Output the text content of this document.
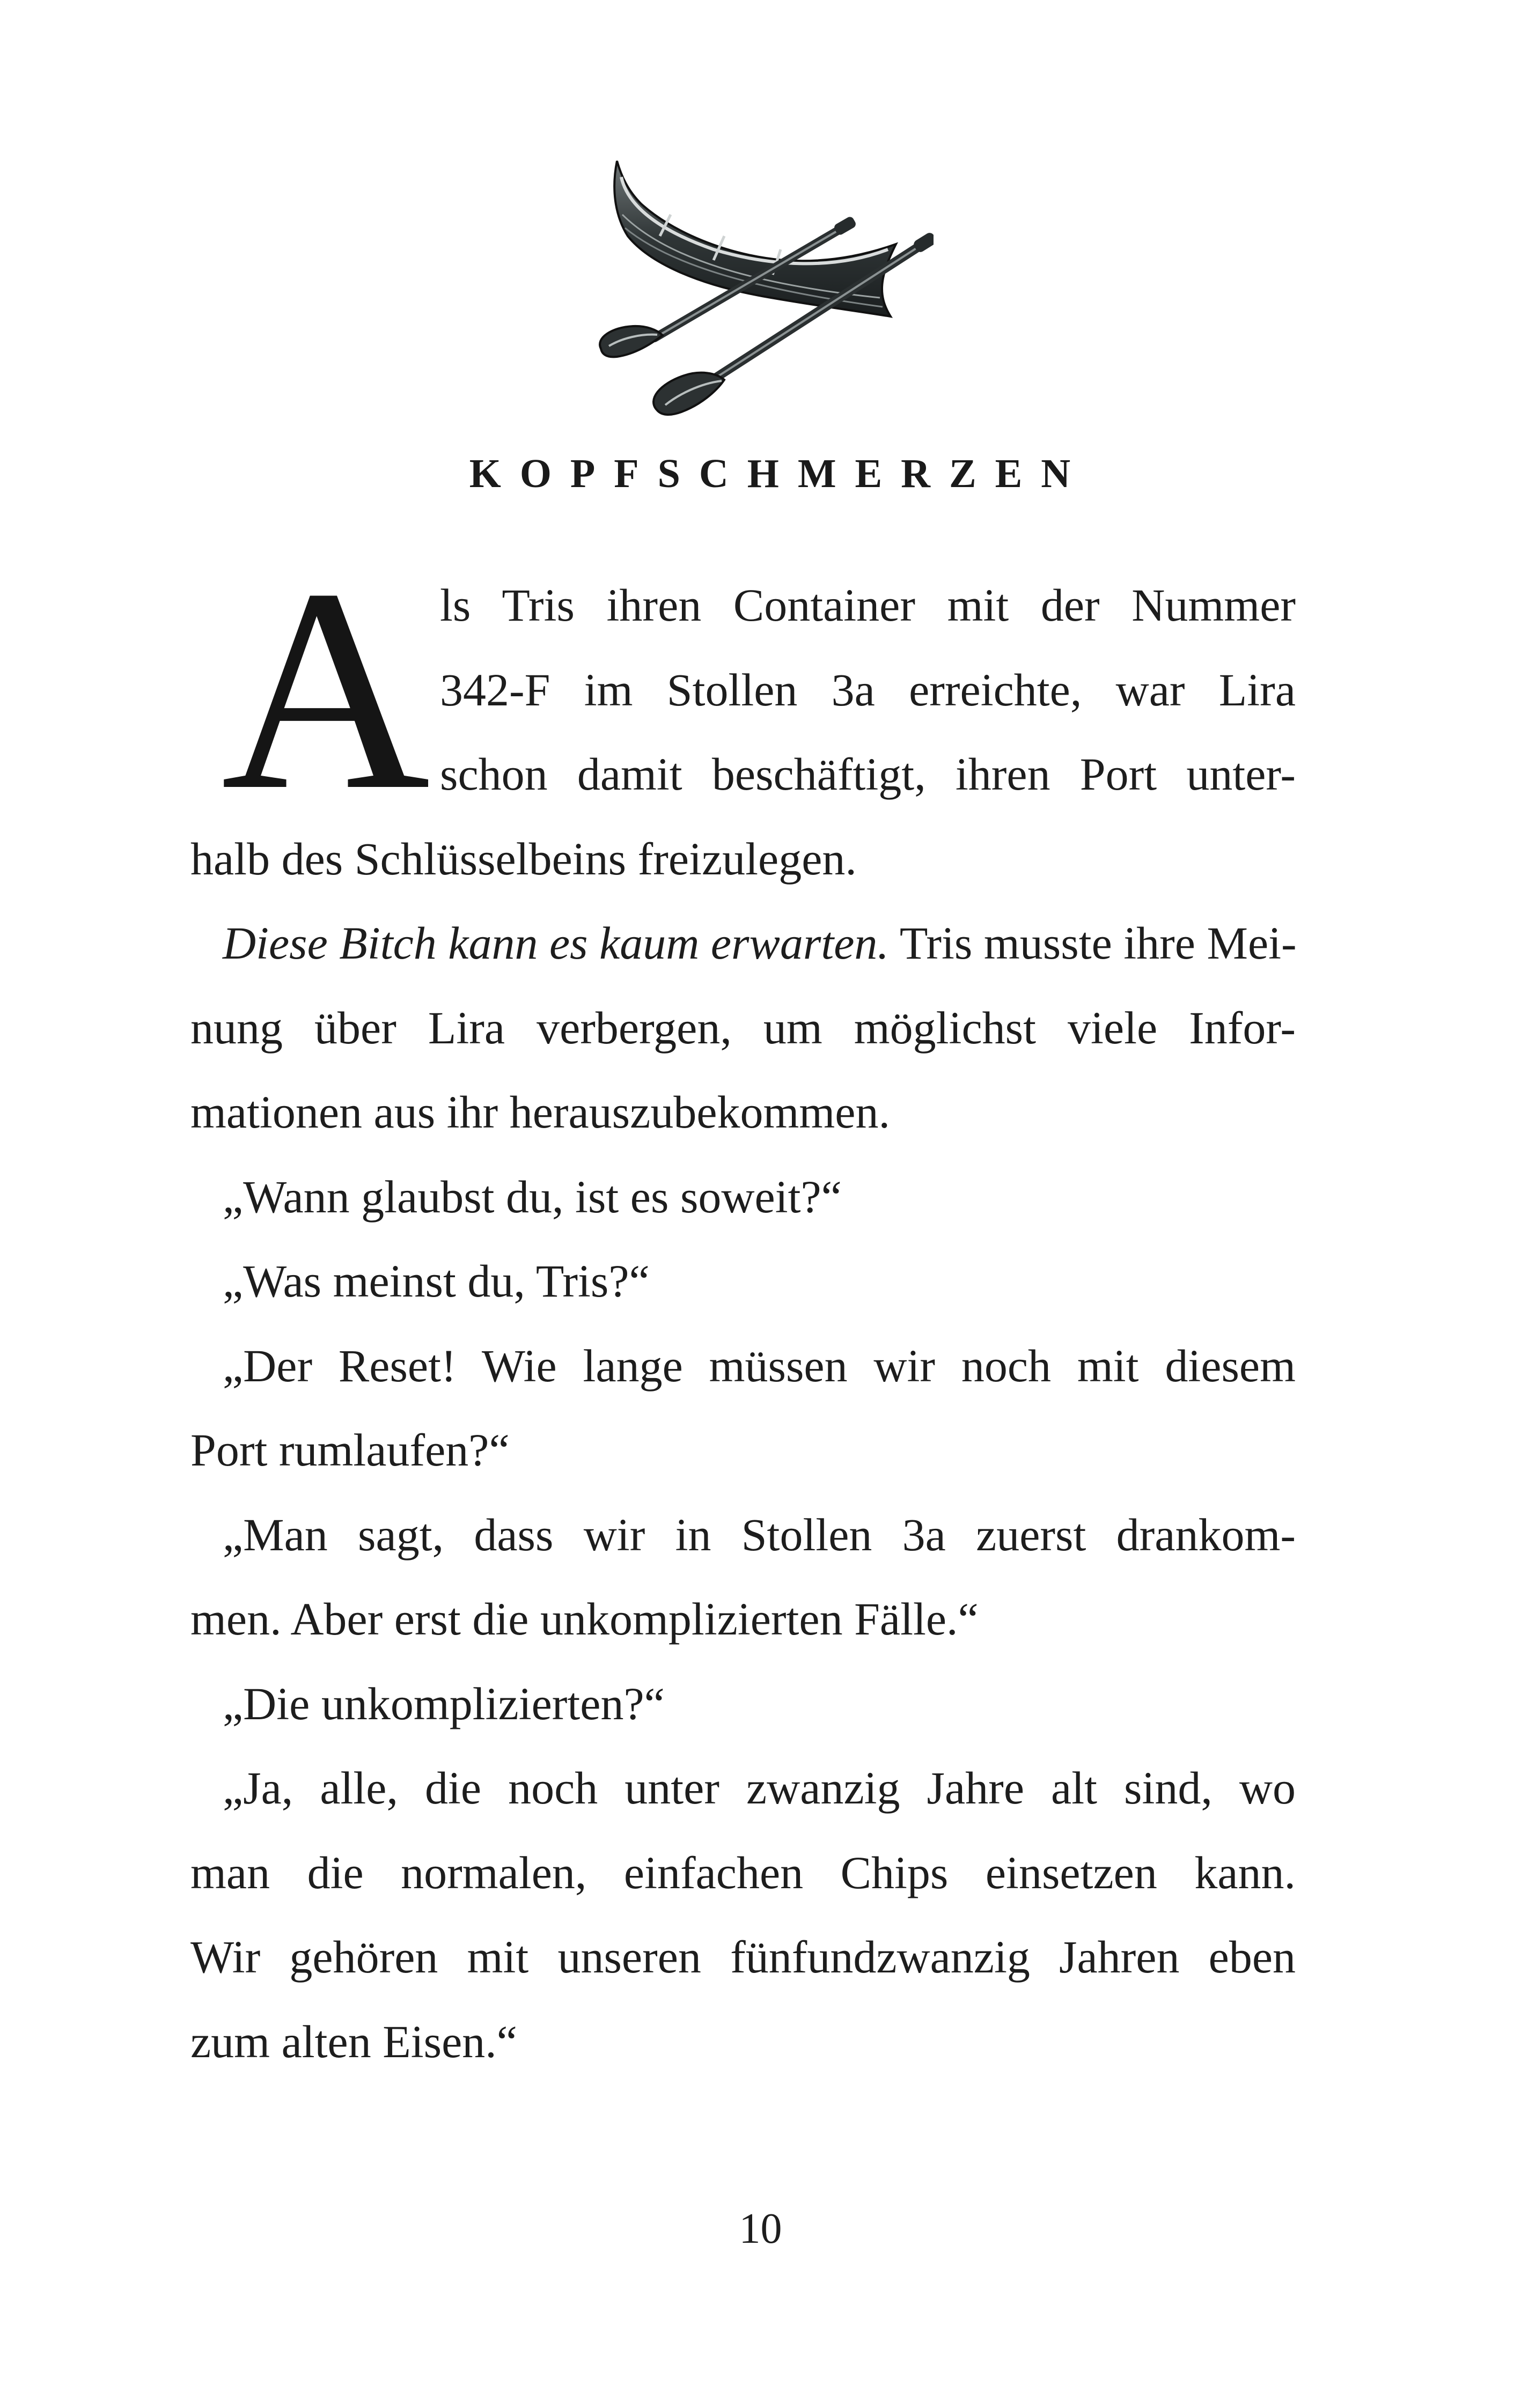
KOPFSCHMERZEN
A ls Tris ihren Container mit der Nummer
342-F im Stollen 3a erreichte, war Lira
schon damit beschäftigt, ihren Port unter-
halb des Schlüsselbeins freizulegen.
Diese Bitch kann es kaum erwarten. Tris musste ihre Mei-
nung über Lira verbergen, um möglichst viele Infor-
mationen aus ihr herauszubekommen.
„Wann glaubst du, ist es soweit?“
„Was meinst du, Tris?“
„Der Reset! Wie lange müssen wir noch mit diesem
Port rumlaufen?“
„Man sagt, dass wir in Stollen 3a zuerst drankom-
men. Aber erst die unkomplizierten Fälle.“
„Die unkomplizierten?“
„Ja, alle, die noch unter zwanzig Jahre alt sind, wo
man die normalen, einfachen Chips einsetzen kann.
Wir gehören mit unseren fünfundzwanzig Jahren eben
zum alten Eisen.“
10
